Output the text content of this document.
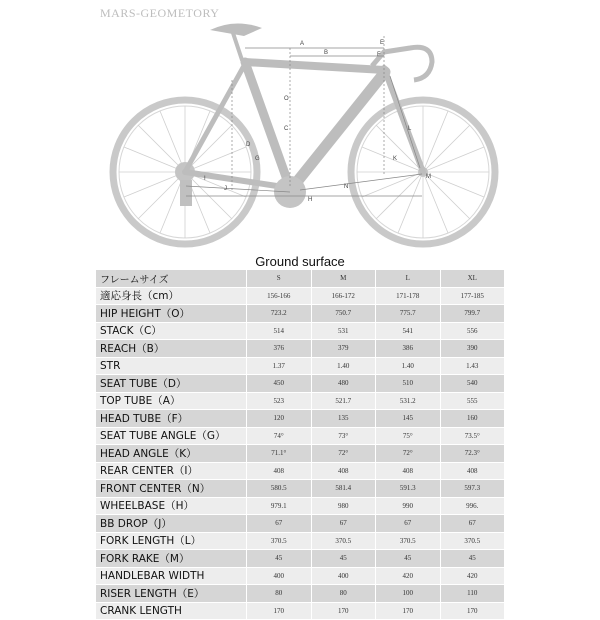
A
B
C
D
E
F
G
H
I
J
K
L
M
N
O
MARS-GEOMETORY
Ground surface
フレームサイズ	S	M	L	XL
適応身長（cm）	156-166	166-172	171-178	177-185
HIP HEIGHT（O）	723.2	750.7	775.7	799.7
STACK（C）	514	531	541	556
REACH（B）	376	379	386	390
STR	1.37	1.40	1.40	1.43
SEAT TUBE（D）	450	480	510	540
TOP TUBE（A）	523	521.7	531.2	555
HEAD TUBE（F）	120	135	145	160
SEAT TUBE ANGLE（G）	74°	73°	75°	73.5°
HEAD ANGLE（K）	71.1°	72°	72°	72.3°
REAR CENTER（I）	408	408	408	408
FRONT CENTER（N）	580.5	581.4	591.3	597.3
WHEELBASE（H）	979.1	980	990	996.
BB DROP（J）	67	67	67	67
FORK LENGTH（L）	370.5	370.5	370.5	370.5
FORK RAKE（M）	45	45	45	45
HANDLEBAR WIDTH	400	400	420	420
RISER LENGTH（E）	80	80	100	110
CRANK LENGTH	170	170	170	170
